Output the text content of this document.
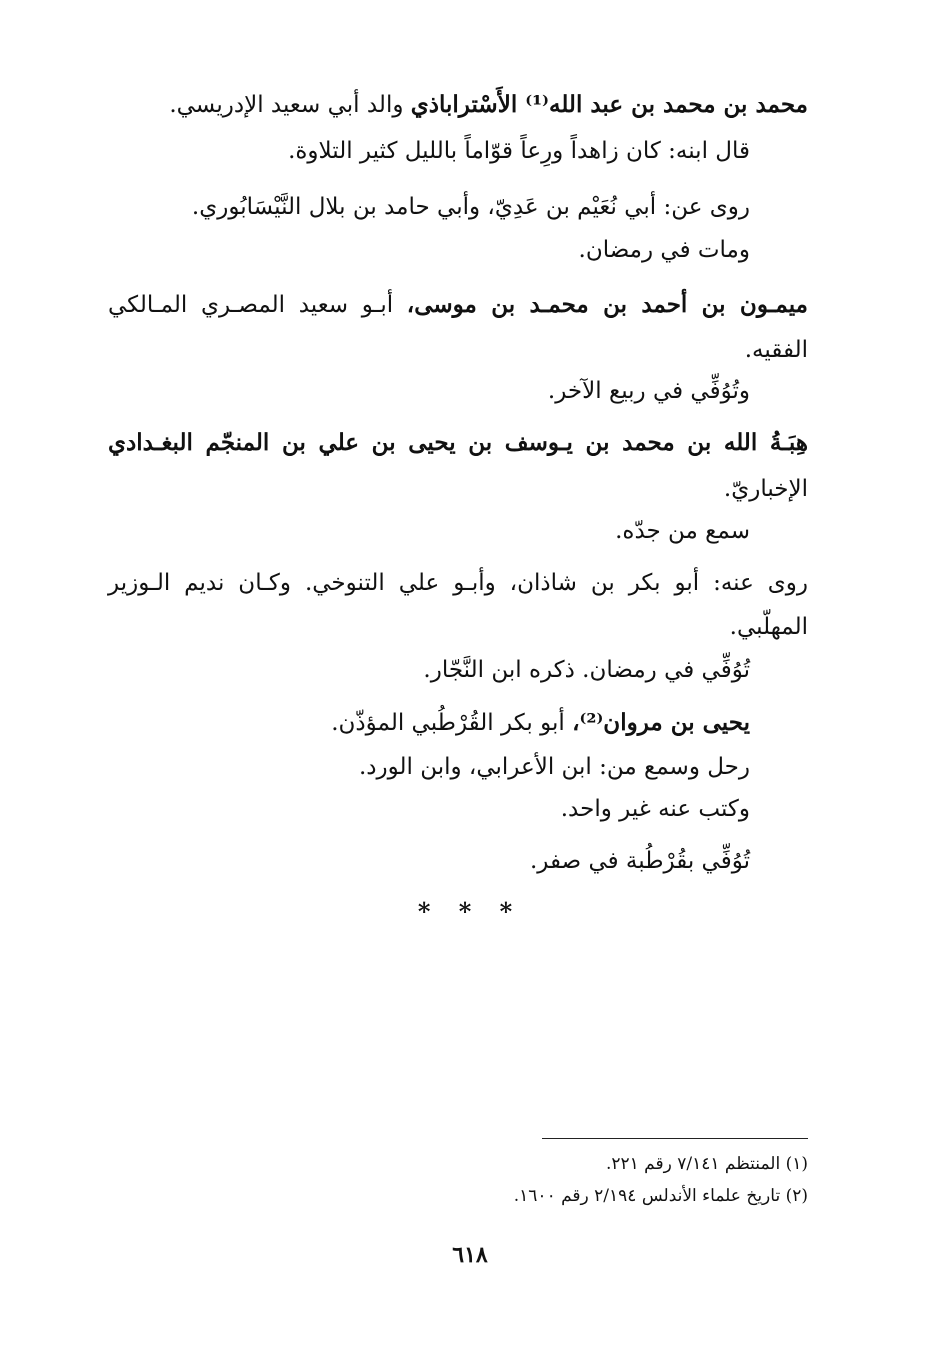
محمد بن محمد بن عبد الله⁽¹⁾ الأَسْتراباذي والد أبي سعيد الإدريسي.
قال ابنه: كان زاهداً ورِعاً قوّاماً بالليل كثير التلاوة.
روى عن: أبي نُعَيْم بن عَدِيّ، وأبي حامد بن بلال النَّيْسَابُوري.
ومات في رمضان.
ميمـون بن أحمد بن محمـد بن موسى، أبـو سعيد المصـري المـالكي
الفقيه.
وتُوُفِّي في ربيع الآخر.
هِبَـةُ الله بن محمد بن يـوسف بن يحيى بن علي بن المنجّم البغـدادي
الإخباريّ.
سمع من جدّه.
روى عنه: أبو بكر بن شاذان، وأبـو علي التنوخي. وكـان نديم الـوزير
المهلّبي.
تُوُفِّي في رمضان. ذكره ابن النَّجّار.
يحيى بن مروان⁽²⁾، أبو بكر القُرْطُبي المؤذّن.
رحل وسمع من: ابن الأعرابي، وابن الورد.
وكتب عنه غير واحد.
تُوُفِّي بقُرْطُبة في صفر.
* * *
(١) المنتظم ٧/١٤١ رقم ٢٢١.
(٢) تاريخ علماء الأندلس ٢/١٩٤ رقم ١٦٠٠.
٦١٨
